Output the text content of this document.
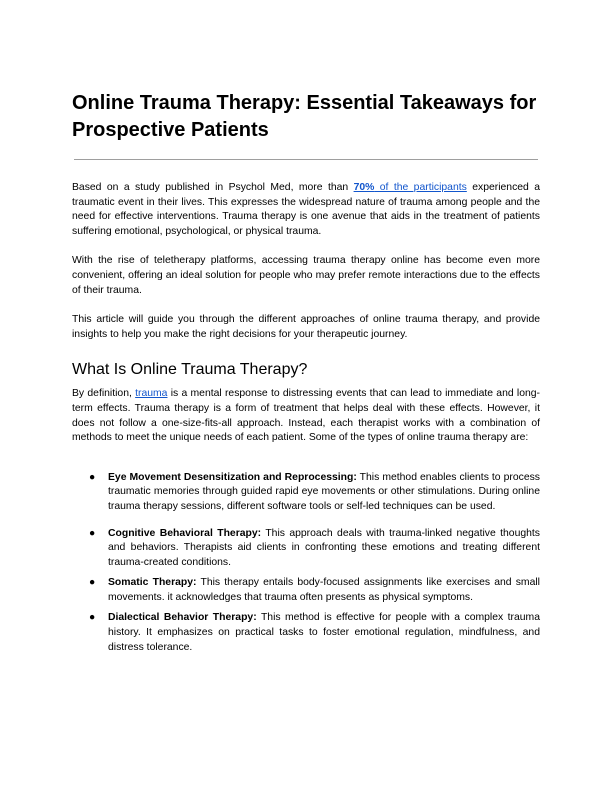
Online Trauma Therapy: Essential Takeaways for Prospective Patients

Based on a study published in Psychol Med, more than 70% of the participants experienced a traumatic event in their lives. This expresses the widespread nature of trauma among people and the need for effective interventions. Trauma therapy is one avenue that aids in the treatment of patients suffering emotional, psychological, or physical trauma.

With the rise of teletherapy platforms, accessing trauma therapy online has become even more convenient, offering an ideal solution for people who may prefer remote interactions due to the effects of their trauma.

This article will guide you through the different approaches of online trauma therapy, and provide insights to help you make the right decisions for your therapeutic journey.

What Is Online Trauma Therapy?

By definition, trauma is a mental response to distressing events that can lead to immediate and long-term effects. Trauma therapy is a form of treatment that helps deal with these effects. However, it does not follow a one-size-fits-all approach. Instead, each therapist works with a combination of methods to meet the unique needs of each patient. Some of the types of online trauma therapy are:

● Eye Movement Desensitization and Reprocessing: This method enables clients to process traumatic memories through guided rapid eye movements or other stimulations. During online trauma therapy sessions, different software tools or self-led techniques can be used.
● Cognitive Behavioral Therapy: This approach deals with trauma-linked negative thoughts and behaviors. Therapists aid clients in confronting these emotions and treating different trauma-created conditions.
● Somatic Therapy: This therapy entails body-focused assignments like exercises and small movements. it acknowledges that trauma often presents as physical symptoms.
● Dialectical Behavior Therapy: This method is effective for people with a complex trauma history. It emphasizes on practical tasks to foster emotional regulation, mindfulness, and distress tolerance.
